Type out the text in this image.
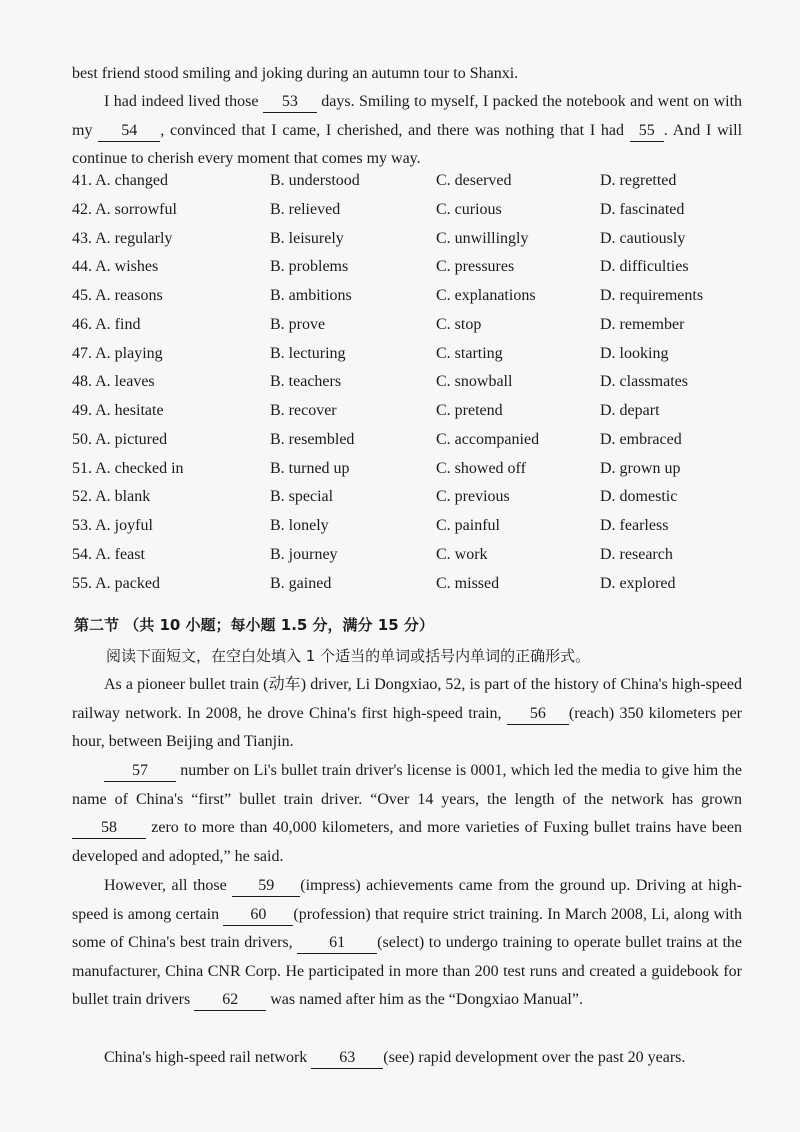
best friend stood smiling and joking during an autumn tour to Shanxi.

I had indeed lived those 53 days. Smiling to myself, I packed the notebook and went on with my 54 , convinced that I came, I cherished, and there was nothing that I had 55 . And I will continue to cherish every moment that comes my way.

41. A. changed	B. understood	C. deserved	D. regretted
42. A. sorrowful	B. relieved	C. curious	D. fascinated
43. A. regularly	B. leisurely	C. unwillingly	D. cautiously
44. A. wishes	B. problems	C. pressures	D. difficulties
45. A. reasons	B. ambitions	C. explanations	D. requirements
46. A. find	B. prove	C. stop	D. remember
47. A. playing	B. lecturing	C. starting	D. looking
48. A. leaves	B. teachers	C. snowball	D. classmates
49. A. hesitate	B. recover	C. pretend	D. depart
50. A. pictured	B. resembled	C. accompanied	D. embraced
51. A. checked in	B. turned up	C. showed off	D. grown up
52. A. blank	B. special	C. previous	D. domestic
53. A. joyful	B. lonely	C. painful	D. fearless
54. A. feast	B. journey	C. work	D. research
55. A. packed	B. gained	C. missed	D. explored
第二节 （共 10 小题；每小题 1.5 分，满分 15 分）
阅读下面短文，在空白处填入 1 个适当的单词或括号内单词的正确形式。

As a pioneer bullet train (动车) driver, Li Dongxiao, 52, is part of the history of China's high-speed railway network. In 2008, he drove China's first high-speed train, 56 (reach) 350 kilometers per hour, between Beijing and Tianjin.

57 number on Li's bullet train driver's license is 0001, which led the media to give him the name of China's “first” bullet train driver. “Over 14 years, the length of the network has grown 58 zero to more than 40,000 kilometers, and more varieties of Fuxing bullet trains have been developed and adopted,” he said.

However, all those 59 (impress) achievements came from the ground up. Driving at high-speed is among certain 60 (profession) that require strict training. In March 2008, Li, along with some of China's best train drivers, 61 (select) to undergo training to operate bullet trains at the manufacturer, China CNR Corp. He participated in more than 200 test runs and created a guidebook for bullet train drivers 62 was named after him as the “Dongxiao Manual”.

China's high-speed rail network 63 (see) rapid development over the past 20 years.
